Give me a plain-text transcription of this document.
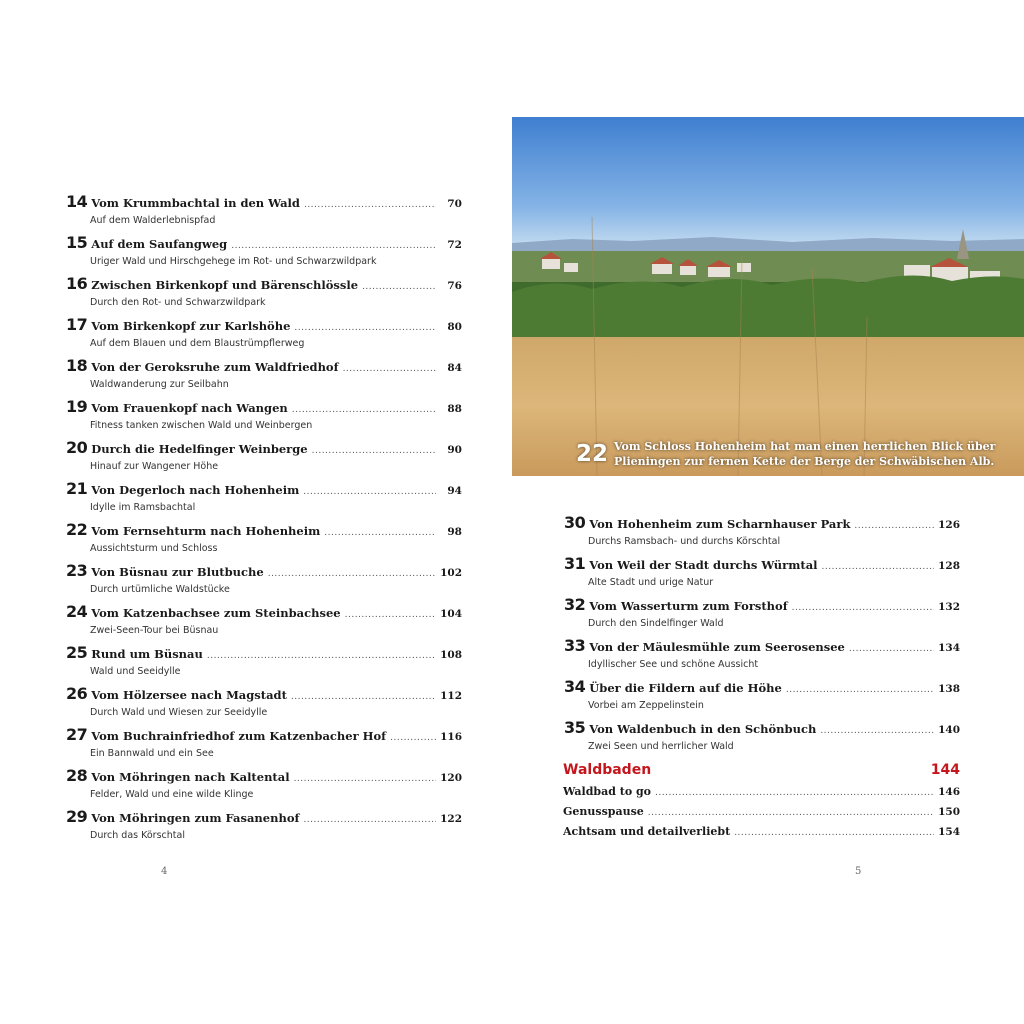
14 Vom Krummbachtal in den Wald .....	70
Auf dem Walderlebnispfad
15 Auf dem Saufangweg .....	72
Uriger Wald und Hirschgehege im Rot- und Schwarzwildpark
16 Zwischen Birkenkopf und Bärenschlössle .....	76
Durch den Rot- und Schwarzwildpark
17 Vom Birkenkopf zur Karlshöhe .....	80
Auf dem Blauen und dem Blaustrümpflerweg
18 Von der Geroksruhe zum Waldfriedhof .....	84
Waldwanderung zur Seilbahn
19 Vom Frauenkopf nach Wangen .....	88
Fitness tanken zwischen Wald und Weinbergen
20 Durch die Hedelfinger Weinberge .....	90
Hinauf zur Wangener Höhe
21 Von Degerloch nach Hohenheim .....	94
Idylle im Ramsbachtal
22 Vom Fernsehturm nach Hohenheim .....	98
Aussichtsturm und Schloss
23 Von Büsnau zur Blutbuche .....	102
Durch urtümliche Waldstücke
24 Vom Katzenbachsee zum Steinbachsee .....	104
Zwei-Seen-Tour bei Büsnau
25 Rund um Büsnau .....	108
Wald und Seeidylle
26 Vom Hölzersee nach Magstadt .....	112
Durch Wald und Wiesen zur Seeidylle
27 Vom Buchrainfriedhof zum Katzenbacher Hof .....	116
Ein Bannwald und ein See
28 Von Möhringen nach Kaltental .....	120
Felder, Wald und eine wilde Klinge
29 Von Möhringen zum Fasanenhof .....	122
Durch das Körschtal
4
22 Vom Schloss Hohenheim hat man einen herrlichen Blick über
Plieningen zur fernen Kette der Berge der Schwäbischen Alb.
30 Von Hohenheim zum Scharnhauser Park .....	126
Durchs Ramsbach- und durchs Körschtal
31 Von Weil der Stadt durchs Würmtal .....	128
Alte Stadt und urige Natur
32 Vom Wasserturm zum Forsthof .....	132
Durch den Sindelfinger Wald
33 Von der Mäulesmühle zum Seerosensee .....	134
Idyllischer See und schöne Aussicht
34 Über die Fildern auf die Höhe .....	138
Vorbei am Zeppelinstein
35 Von Waldenbuch in den Schönbuch .....	140
Zwei Seen und herrlicher Wald
Waldbaden	144
Waldbad to go .....	146
Genusspause .....	150
Achtsam und detailverliebt .....	154
5
